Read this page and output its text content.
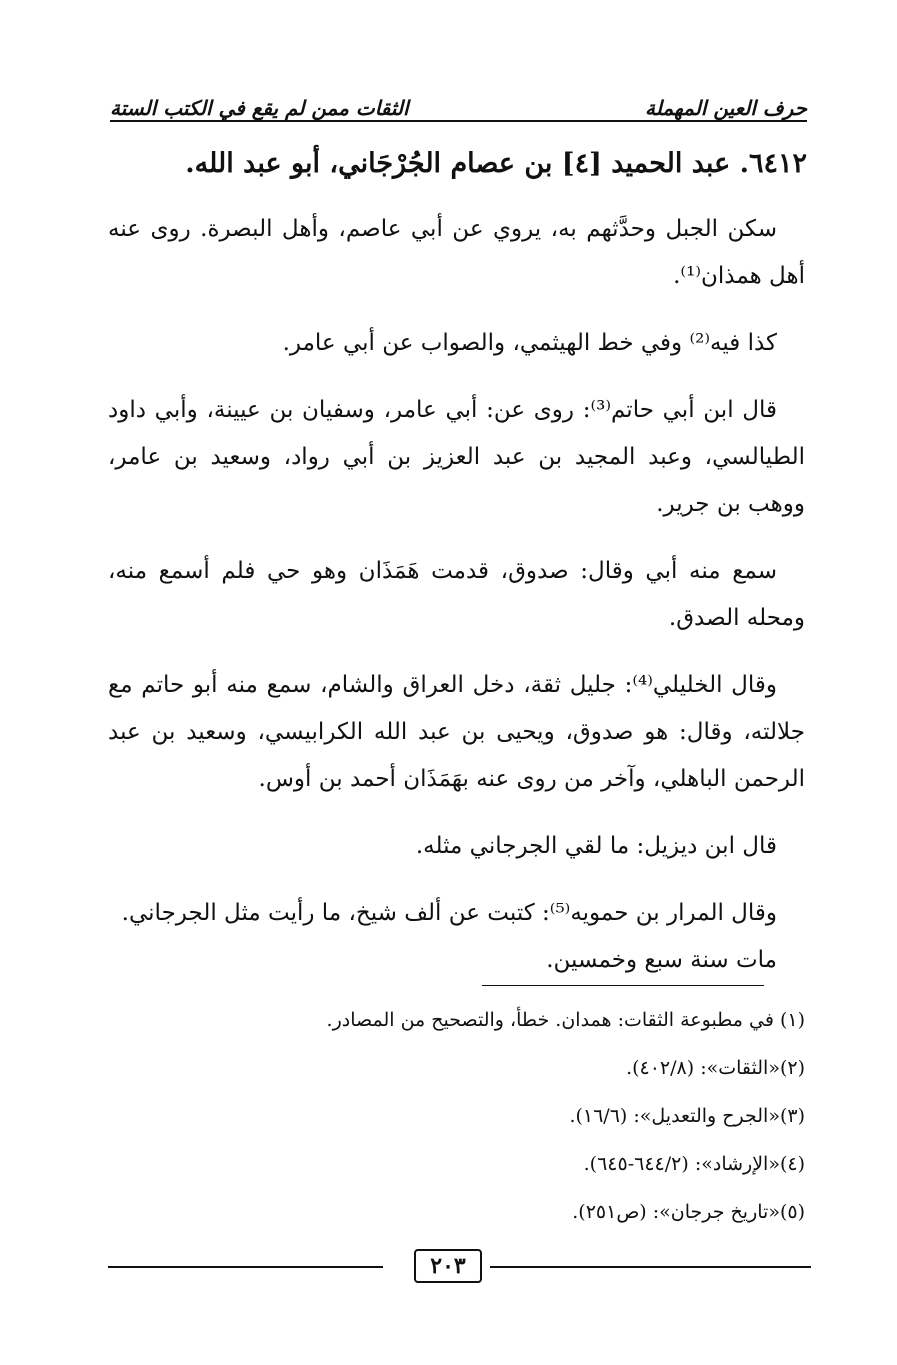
حرف العين المهملة
الثقات ممن لم يقع في الكتب الستة
٦٤١٢. عبد الحميد [٤] بن عصام الجُرْجَاني، أبو عبد الله.

سكن الجبل وحدَّثهم به، يروي عن أبي عاصم، وأهل البصرة. روى عنه أهل همذان⁽¹⁾.

كذا فيه⁽²⁾ وفي خط الهيثمي، والصواب عن أبي عامر.

قال ابن أبي حاتم⁽³⁾: روى عن: أبي عامر، وسفيان بن عيينة، وأبي داود الطيالسي، وعبد المجيد بن عبد العزيز بن أبي رواد، وسعيد بن عامر، ووهب بن جرير.

سمع منه أبي وقال: صدوق، قدمت هَمَذَان وهو حي فلم أسمع منه، ومحله الصدق.

وقال الخليلي⁽⁴⁾: جليل ثقة، دخل العراق والشام، سمع منه أبو حاتم مع جلالته، وقال: هو صدوق، ويحيى بن عبد الله الكرابيسي، وسعيد بن عبد الرحمن الباهلي، وآخر من روى عنه بهَمَذَان أحمد بن أوس.

قال ابن ديزيل: ما لقي الجرجاني مثله.

وقال المرار بن حمويه⁽⁵⁾: كتبت عن ألف شيخ، ما رأيت مثل الجرجاني.

مات سنة سبع وخمسين.

(١) في مطبوعة الثقات: همدان. خطأ، والتصحيح من المصادر.
(٢)«الثقات»: (٤٠٢/٨).
(٣)«الجرح والتعديل»: (١٦/٦).
(٤)«الإرشاد»: (٦٤٤/٢-٦٤٥).
(٥)«تاريخ جرجان»: (ص٢٥١).
٢٠٣
